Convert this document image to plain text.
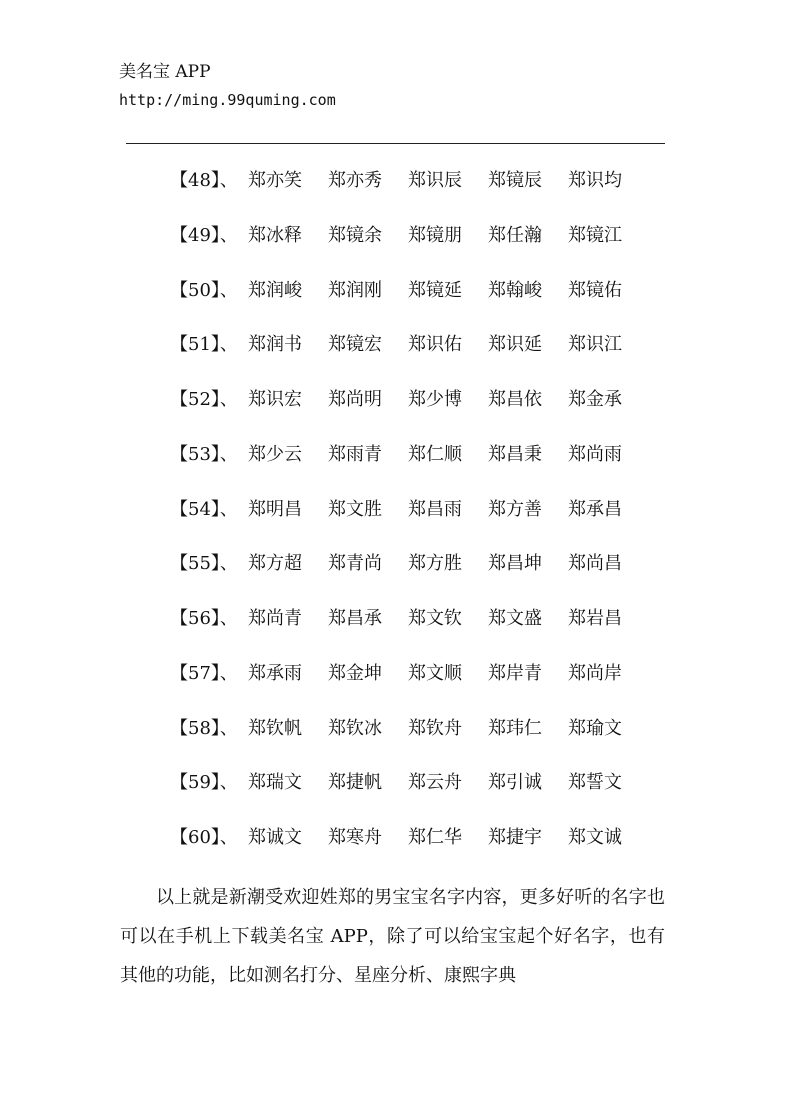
美名宝 APP
http://ming.99quming.com
【48】、 郑亦笑	郑亦秀	郑识辰	郑镜辰	郑识均
【49】、 郑冰释	郑镜余	郑镜朋	郑任瀚	郑镜江
【50】、 郑润峻	郑润刚	郑镜延	郑翰峻	郑镜佑
【51】、 郑润书	郑镜宏	郑识佑	郑识延	郑识江
【52】、 郑识宏	郑尚明	郑少博	郑昌依	郑金承
【53】、 郑少云	郑雨青	郑仁顺	郑昌秉	郑尚雨
【54】、 郑明昌	郑文胜	郑昌雨	郑方善	郑承昌
【55】、 郑方超	郑青尚	郑方胜	郑昌坤	郑尚昌
【56】、 郑尚青	郑昌承	郑文钦	郑文盛	郑岩昌
【57】、 郑承雨	郑金坤	郑文顺	郑岸青	郑尚岸
【58】、 郑钦帆	郑钦冰	郑钦舟	郑玮仁	郑瑜文
【59】、 郑瑞文	郑捷帆	郑云舟	郑引诚	郑誓文
【60】、 郑诚文	郑寒舟	郑仁华	郑捷宇	郑文诚
以上就是新潮受欢迎姓郑的男宝宝名字内容，更多好听的名字也可以在手机上下载美名宝 APP，除了可以给宝宝起个好名字，也有其他的功能，比如测名打分、星座分析、康熙字典
